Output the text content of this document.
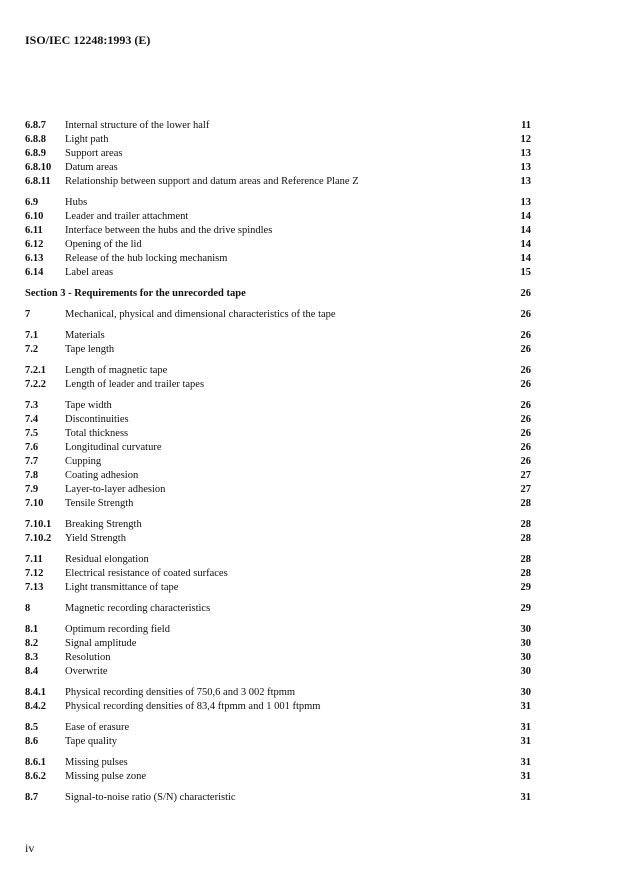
ISO/IEC 12248:1993 (E)
6.8.7 Internal structure of the lower half	11
6.8.8 Light path	12
6.8.9 Support areas	13
6.8.10 Datum areas	13
6.8.11 Relationship between support and datum areas and Reference Plane Z	13
6.9	Hubs	13
6.10 Leader and trailer attachment	14
6.11 Interface between the hubs and the drive spindles	14
6.12 Opening of the lid	14
6.13 Release of the hub locking mechanism	14
6.14 Label areas	15
Section 3 - Requirements for the unrecorded tape	26
7	Mechanical, physical and dimensional characteristics of the tape	26
7.1	Materials	26
7.2	Tape length	26
7.2.1 Length of magnetic tape	26
7.2.2 Length of leader and trailer tapes	26
7.3	Tape width	26
7.4	Discontinuities	26
7.5	Total thickness	26
7.6	Longitudinal curvature	26
7.7	Cupping	26
7.8	Coating adhesion	27
7.9	Layer-to-layer adhesion	27
7.10 Tensile Strength	28
7.10.1 Breaking Strength	28
7.10.2 Yield Strength	28
7.11 Residual elongation	28
7.12 Electrical resistance of coated surfaces	28
7.13 Light transmittance of tape	29
8	Magnetic recording characteristics	29
8.1	Optimum recording field	30
8.2	Signal amplitude	30
8.3	Resolution	30
8.4	Overwrite	30
8.4.1 Physical recording densities of 750,6 and 3 002 ftpmm	30
8.4.2 Physical recording densities of 83,4 ftpmm and 1 001 ftpmm	31
8.5	Ease of erasure	31
8.6	Tape quality	31
8.6.1 Missing pulses	31
8.6.2 Missing pulse zone	31
8.7	Signal-to-noise ratio (S/N) characteristic	31
iv
